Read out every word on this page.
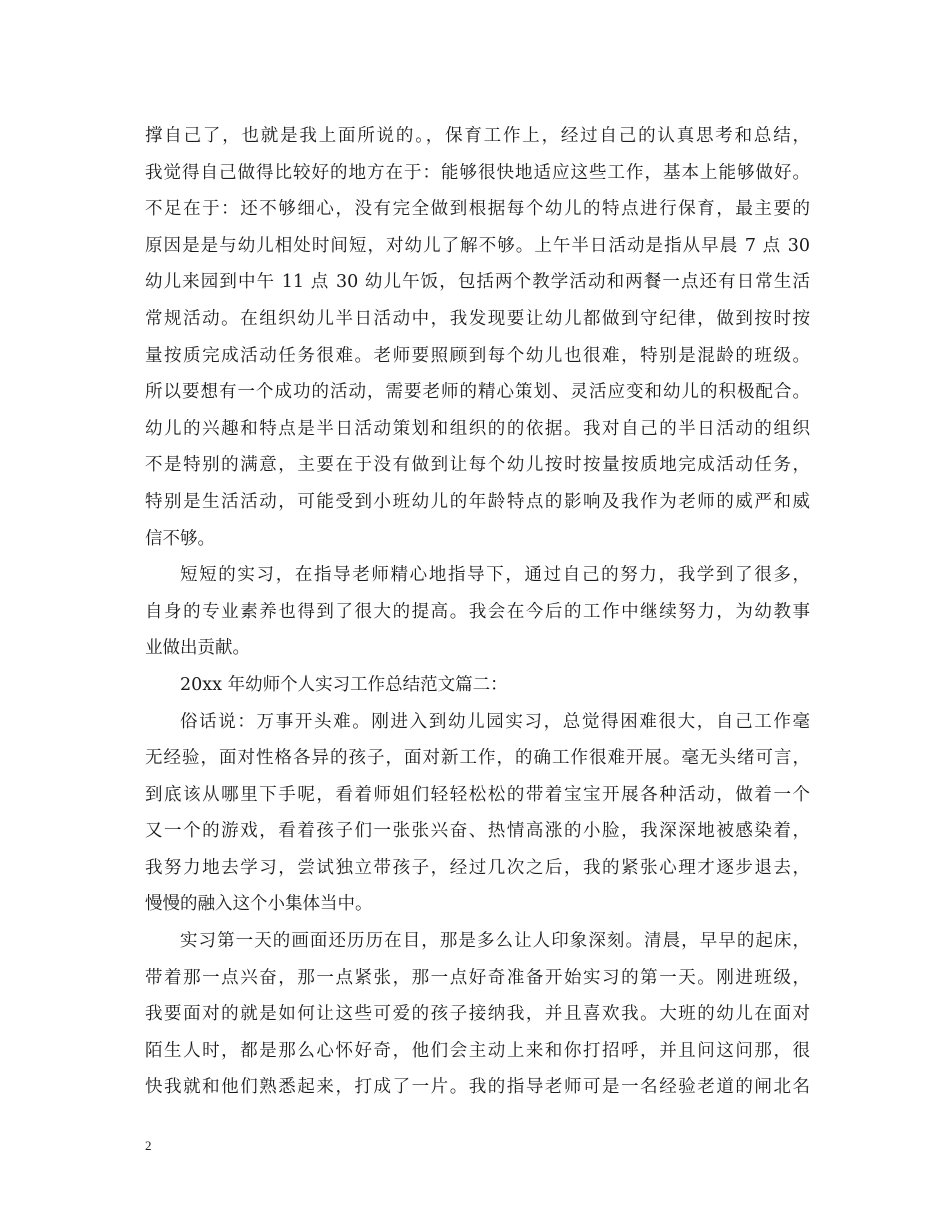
撑自己了，也就是我上面所说的。，保育工作上，经过自己的认真思考和总结，
我觉得自己做得比较好的地方在于：能够很快地适应这些工作，基本上能够做好。
不足在于：还不够细心，没有完全做到根据每个幼儿的特点进行保育，最主要的
原因是是与幼儿相处时间短，对幼儿了解不够。上午半日活动是指从早晨 7 点 30
幼儿来园到中午 11 点 30 幼儿午饭，包括两个教学活动和两餐一点还有日常生活
常规活动。在组织幼儿半日活动中，我发现要让幼儿都做到守纪律，做到按时按
量按质完成活动任务很难。老师要照顾到每个幼儿也很难，特别是混龄的班级。
所以要想有一个成功的活动，需要老师的精心策划、灵活应变和幼儿的积极配合。
幼儿的兴趣和特点是半日活动策划和组织的的依据。我对自己的半日活动的组织
不是特别的满意，主要在于没有做到让每个幼儿按时按量按质地完成活动任务，
特别是生活活动，可能受到小班幼儿的年龄特点的影响及我作为老师的威严和威
信不够。
短短的实习，在指导老师精心地指导下，通过自己的努力，我学到了很多，
自身的专业素养也得到了很大的提高。我会在今后的工作中继续努力，为幼教事
业做出贡献。
20xx 年幼师个人实习工作总结范文篇二：
俗话说：万事开头难。刚进入到幼儿园实习，总觉得困难很大，自己工作毫
无经验，面对性格各异的孩子，面对新工作，的确工作很难开展。毫无头绪可言，
到底该从哪里下手呢，看着师姐们轻轻松松的带着宝宝开展各种活动，做着一个
又一个的游戏，看着孩子们一张张兴奋、热情高涨的小脸，我深深地被感染着，
我努力地去学习，尝试独立带孩子，经过几次之后，我的紧张心理才逐步退去，
慢慢的融入这个小集体当中。
实习第一天的画面还历历在目，那是多么让人印象深刻。清晨，早早的起床，
带着那一点兴奋，那一点紧张，那一点好奇准备开始实习的第一天。刚进班级，
我要面对的就是如何让这些可爱的孩子接纳我，并且喜欢我。大班的幼儿在面对
陌生人时，都是那么心怀好奇，他们会主动上来和你打招呼，并且问这问那，很
快我就和他们熟悉起来，打成了一片。我的指导老师可是一名经验老道的闸北名
2
